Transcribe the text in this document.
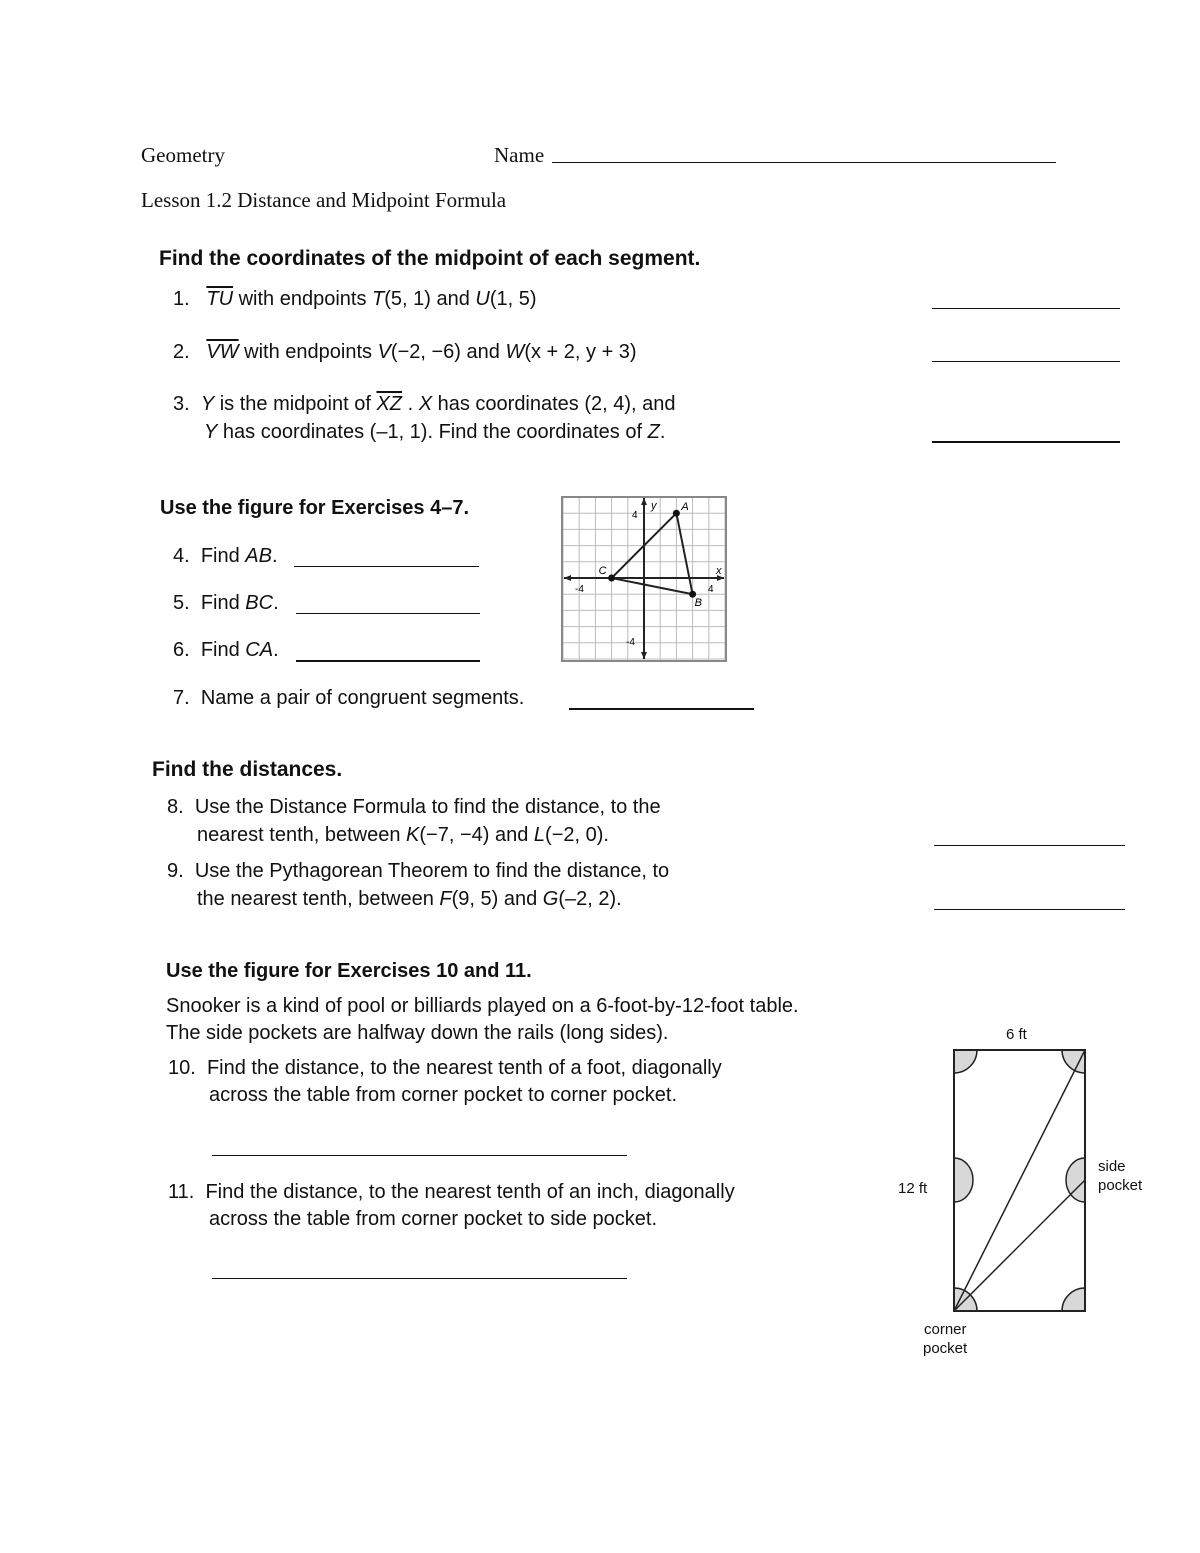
Geometry	Name
Lesson 1.2 Distance and Midpoint Formula
Find the coordinates of the midpoint of each segment.
1. $\overline{TU}$ with endpoints T(5, 1) and U(1, 5)
2. $\overline{VW}$ with endpoints V(−2, −6) and W(x + 2, y + 3)
3. Y is the midpoint of $\overline{XZ}$ . X has coordinates (2, 4), and
Y has coordinates (–1, 1). Find the coordinates of Z.
Use the figure for Exercises 4–7.
4. Find AB.
5. Find BC.
6. Find CA.
7. Name a pair of congruent segments.
A
B
C	x
y
4
-4	4
-4
Find the distances.
8. Use the Distance Formula to find the distance, to the
nearest tenth, between K(−7, −4) and L(−2, 0).
9. Use the Pythagorean Theorem to find the distance, to
the nearest tenth, between F(9, 5) and G(–2, 2).
Use the figure for Exercises 10 and 11.
Snooker is a kind of pool or billiards played on a 6-foot-by-12-foot table.
The side pockets are halfway down the rails (long sides).
10. Find the distance, to the nearest tenth of a foot, diagonally
across the table from corner pocket to corner pocket.
11. Find the distance, to the nearest tenth of an inch, diagonally
across the table from corner pocket to side pocket.
6 ft
12 ft
side
pocket
corner
pocket
